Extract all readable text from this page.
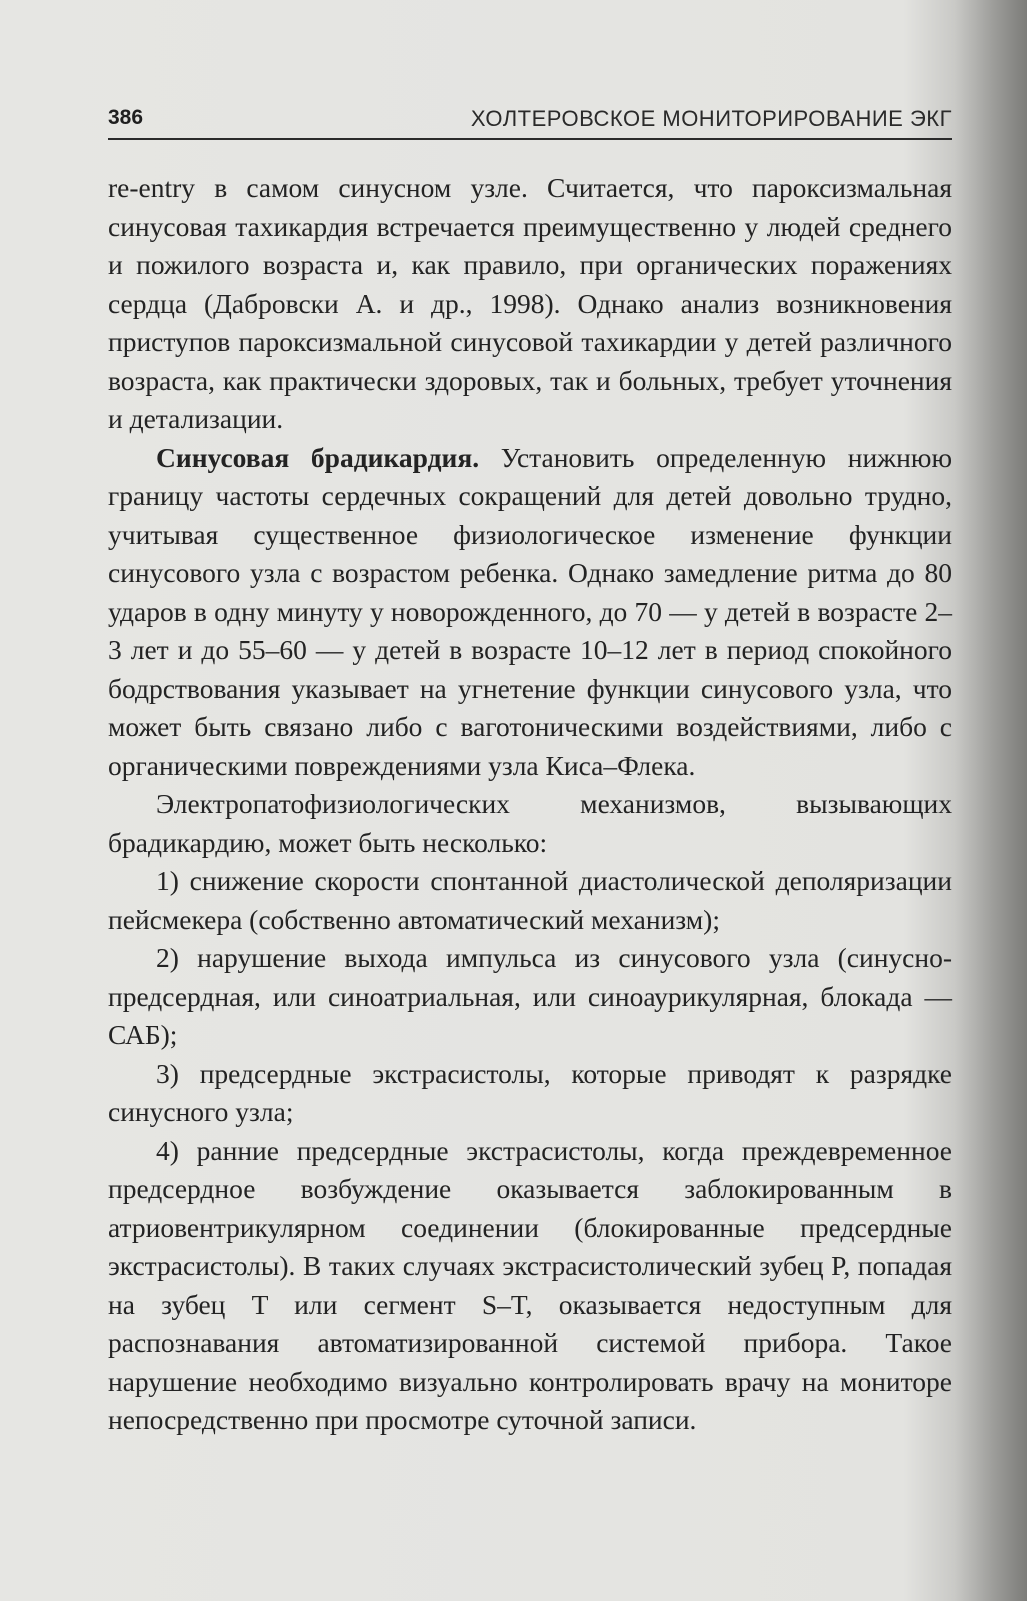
386	ХОЛТЕРОВСКОЕ МОНИТОРИРОВАНИЕ ЭКГ

re-entry в самом синусном узле. Считается, что пароксизмальная синусовая тахикардия встречается преимущественно у людей среднего и пожилого возраста и, как правило, при органических поражениях сердца (Дабровски А. и др., 1998). Однако анализ возникновения приступов пароксизмальной синусовой тахикардии у детей различного возраста, как практически здоровых, так и больных, требует уточнения и детализации.

Синусовая брадикардия. Установить определенную нижнюю границу частоты сердечных сокращений для детей довольно трудно, учитывая существенное физиологическое изменение функции синусового узла с возрастом ребенка. Однако замедление ритма до 80 ударов в одну минуту у новорожденного, до 70 — у детей в возрасте 2–3 лет и до 55–60 — у детей в возрасте 10–12 лет в период спокойного бодрствования указывает на угнетение функции синусового узла, что может быть связано либо с ваготоническими воздействиями, либо с органическими повреждениями узла Киса–Флека.

Электропатофизиологических механизмов, вызывающих брадикардию, может быть несколько:

1) снижение скорости спонтанной диастолической деполяризации пейсмекера (собственно автоматический механизм);

2) нарушение выхода импульса из синусового узла (синусно-предсердная, или синоатриальная, или синоаурикулярная, блокада — САБ);

3) предсердные экстрасистолы, которые приводят к разрядке синусного узла;

4) ранние предсердные экстрасистолы, когда преждевременное предсердное возбуждение оказывается заблокированным в атриовентрикулярном соединении (блокированные предсердные экстрасистолы). В таких случаях экстрасистолический зубец P, попадая на зубец T или сегмент S–T, оказывается недоступным для распознавания автоматизированной системой прибора. Такое нарушение необходимо визуально контролировать врачу на мониторе непосредственно при просмотре суточной записи.
